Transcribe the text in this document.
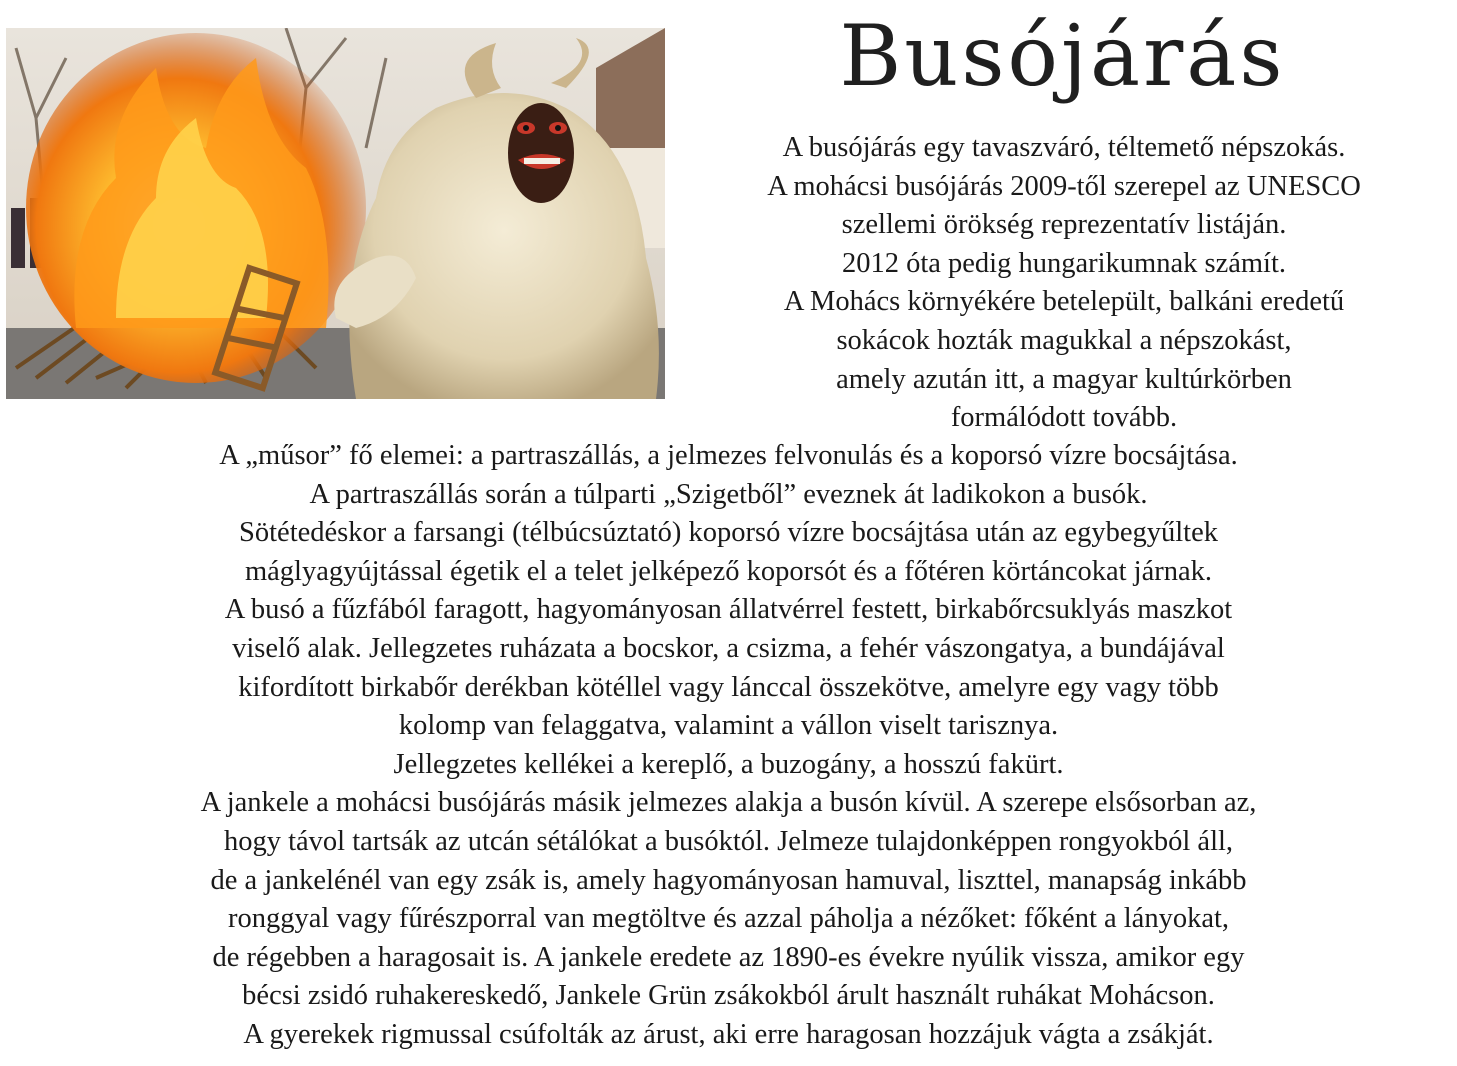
Busójárás
A busójárás egy tavaszváró, téltemető népszokás.
A mohácsi busójárás 2009-től szerepel az UNESCO
szellemi örökség reprezentatív listáján.
2012 óta pedig hungarikumnak számít.
A Mohács környékére betelepült, balkáni eredetű
sokácok hozták magukkal a népszokást,
amely azután itt, a magyar kultúrkörben
formálódott tovább.
A „műsor” fő elemei: a partraszállás, a jelmezes felvonulás és a koporsó vízre bocsájtása.
A partraszállás során a túlparti „Szigetből” eveznek át ladikokon a busók.
Sötétedéskor a farsangi (télbúcsúztató) koporsó vízre bocsájtása után az egybegyűltek
máglyagyújtással égetik el a telet jelképező koporsót és a főtéren körtáncokat járnak.
A busó a fűzfából faragott, hagyományosan állatvérrel festett, birkabőrcsuklyás maszkot
viselő alak. Jellegzetes ruházata a bocskor, a csizma, a fehér vászongatya, a bundájával
kifordított birkabőr derékban kötéllel vagy lánccal összekötve, amelyre egy vagy több
kolomp van felaggatva, valamint a vállon viselt tarisznya.
Jellegzetes kellékei a kereplő, a buzogány, a hosszú fakürt.
A jankele a mohácsi busójárás másik jelmezes alakja a busón kívül. A szerepe elsősorban az,
hogy távol tartsák az utcán sétálókat a busóktól. Jelmeze tulajdonképpen rongyokból áll,
de a jankelénél van egy zsák is, amely hagyományosan hamuval, liszttel, manapság inkább
ronggyal vagy fűrészporral van megtöltve és azzal páholja a nézőket: főként a lányokat,
de régebben a haragosait is. A jankele eredete az 1890-es évekre nyúlik vissza, amikor egy
bécsi zsidó ruhakereskedő, Jankele Grün zsákokból árult használt ruhákat Mohácson.
A gyerekek rigmussal csúfolták az árust, aki erre haragosan hozzájuk vágta a zsákját.
